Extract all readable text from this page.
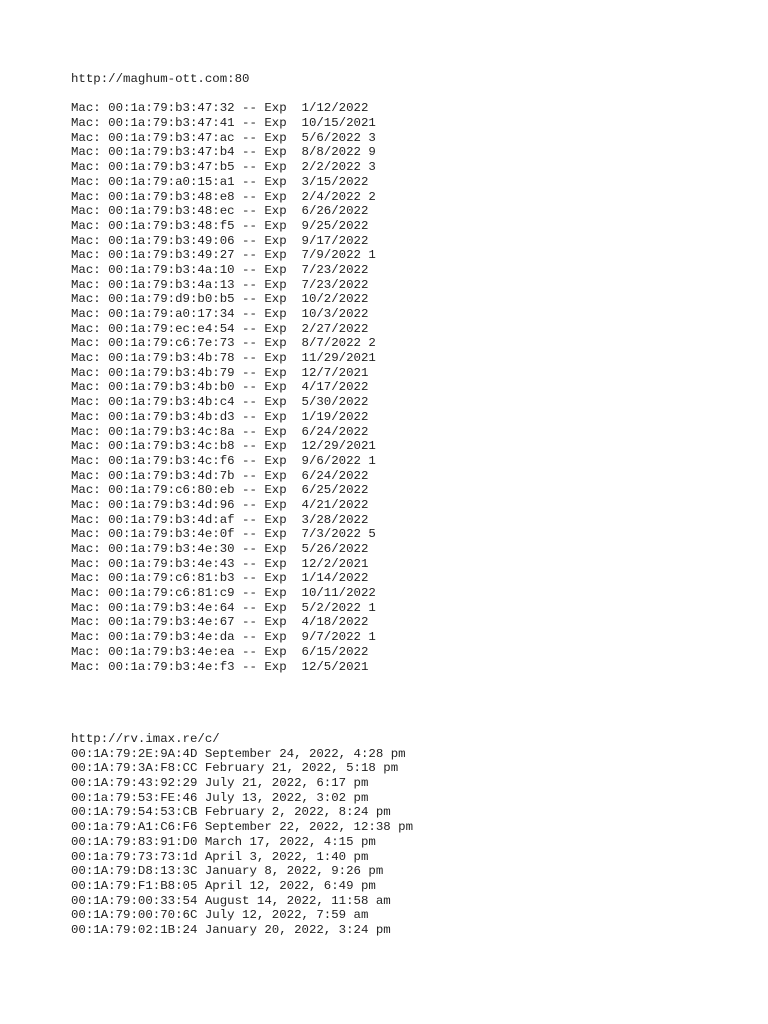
http://maghum-ott.com:80
Mac: 00:1a:79:b3:47:32 -- Exp  1/12/2022
Mac: 00:1a:79:b3:47:41 -- Exp  10/15/2021
Mac: 00:1a:79:b3:47:ac -- Exp  5/6/2022 3
Mac: 00:1a:79:b3:47:b4 -- Exp  8/8/2022 9
Mac: 00:1a:79:b3:47:b5 -- Exp  2/2/2022 3
Mac: 00:1a:79:a0:15:a1 -- Exp  3/15/2022
Mac: 00:1a:79:b3:48:e8 -- Exp  2/4/2022 2
Mac: 00:1a:79:b3:48:ec -- Exp  6/26/2022
Mac: 00:1a:79:b3:48:f5 -- Exp  9/25/2022
Mac: 00:1a:79:b3:49:06 -- Exp  9/17/2022
Mac: 00:1a:79:b3:49:27 -- Exp  7/9/2022 1
Mac: 00:1a:79:b3:4a:10 -- Exp  7/23/2022
Mac: 00:1a:79:b3:4a:13 -- Exp  7/23/2022
Mac: 00:1a:79:d9:b0:b5 -- Exp  10/2/2022
Mac: 00:1a:79:a0:17:34 -- Exp  10/3/2022
Mac: 00:1a:79:ec:e4:54 -- Exp  2/27/2022
Mac: 00:1a:79:c6:7e:73 -- Exp  8/7/2022 2
Mac: 00:1a:79:b3:4b:78 -- Exp  11/29/2021
Mac: 00:1a:79:b3:4b:79 -- Exp  12/7/2021
Mac: 00:1a:79:b3:4b:b0 -- Exp  4/17/2022
Mac: 00:1a:79:b3:4b:c4 -- Exp  5/30/2022
Mac: 00:1a:79:b3:4b:d3 -- Exp  1/19/2022
Mac: 00:1a:79:b3:4c:8a -- Exp  6/24/2022
Mac: 00:1a:79:b3:4c:b8 -- Exp  12/29/2021
Mac: 00:1a:79:b3:4c:f6 -- Exp  9/6/2022 1
Mac: 00:1a:79:b3:4d:7b -- Exp  6/24/2022
Mac: 00:1a:79:c6:80:eb -- Exp  6/25/2022
Mac: 00:1a:79:b3:4d:96 -- Exp  4/21/2022
Mac: 00:1a:79:b3:4d:af -- Exp  3/28/2022
Mac: 00:1a:79:b3:4e:0f -- Exp  7/3/2022 5
Mac: 00:1a:79:b3:4e:30 -- Exp  5/26/2022
Mac: 00:1a:79:b3:4e:43 -- Exp  12/2/2021
Mac: 00:1a:79:c6:81:b3 -- Exp  1/14/2022
Mac: 00:1a:79:c6:81:c9 -- Exp  10/11/2022
Mac: 00:1a:79:b3:4e:64 -- Exp  5/2/2022 1
Mac: 00:1a:79:b3:4e:67 -- Exp  4/18/2022
Mac: 00:1a:79:b3:4e:da -- Exp  9/7/2022 1
Mac: 00:1a:79:b3:4e:ea -- Exp  6/15/2022
Mac: 00:1a:79:b3:4e:f3 -- Exp  12/5/2021
http://rv.imax.re/c/
00:1A:79:2E:9A:4D September 24, 2022, 4:28 pm
00:1A:79:3A:F8:CC February 21, 2022, 5:18 pm
00:1A:79:43:92:29 July 21, 2022, 6:17 pm
00:1a:79:53:FE:46 July 13, 2022, 3:02 pm
00:1A:79:54:53:CB February 2, 2022, 8:24 pm
00:1a:79:A1:C6:F6 September 22, 2022, 12:38 pm
00:1A:79:83:91:D0 March 17, 2022, 4:15 pm
00:1a:79:73:73:1d April 3, 2022, 1:40 pm
00:1A:79:D8:13:3C January 8, 2022, 9:26 pm
00:1A:79:F1:B8:05 April 12, 2022, 6:49 pm
00:1A:79:00:33:54 August 14, 2022, 11:58 am
00:1A:79:00:70:6C July 12, 2022, 7:59 am
00:1A:79:02:1B:24 January 20, 2022, 3:24 pm
